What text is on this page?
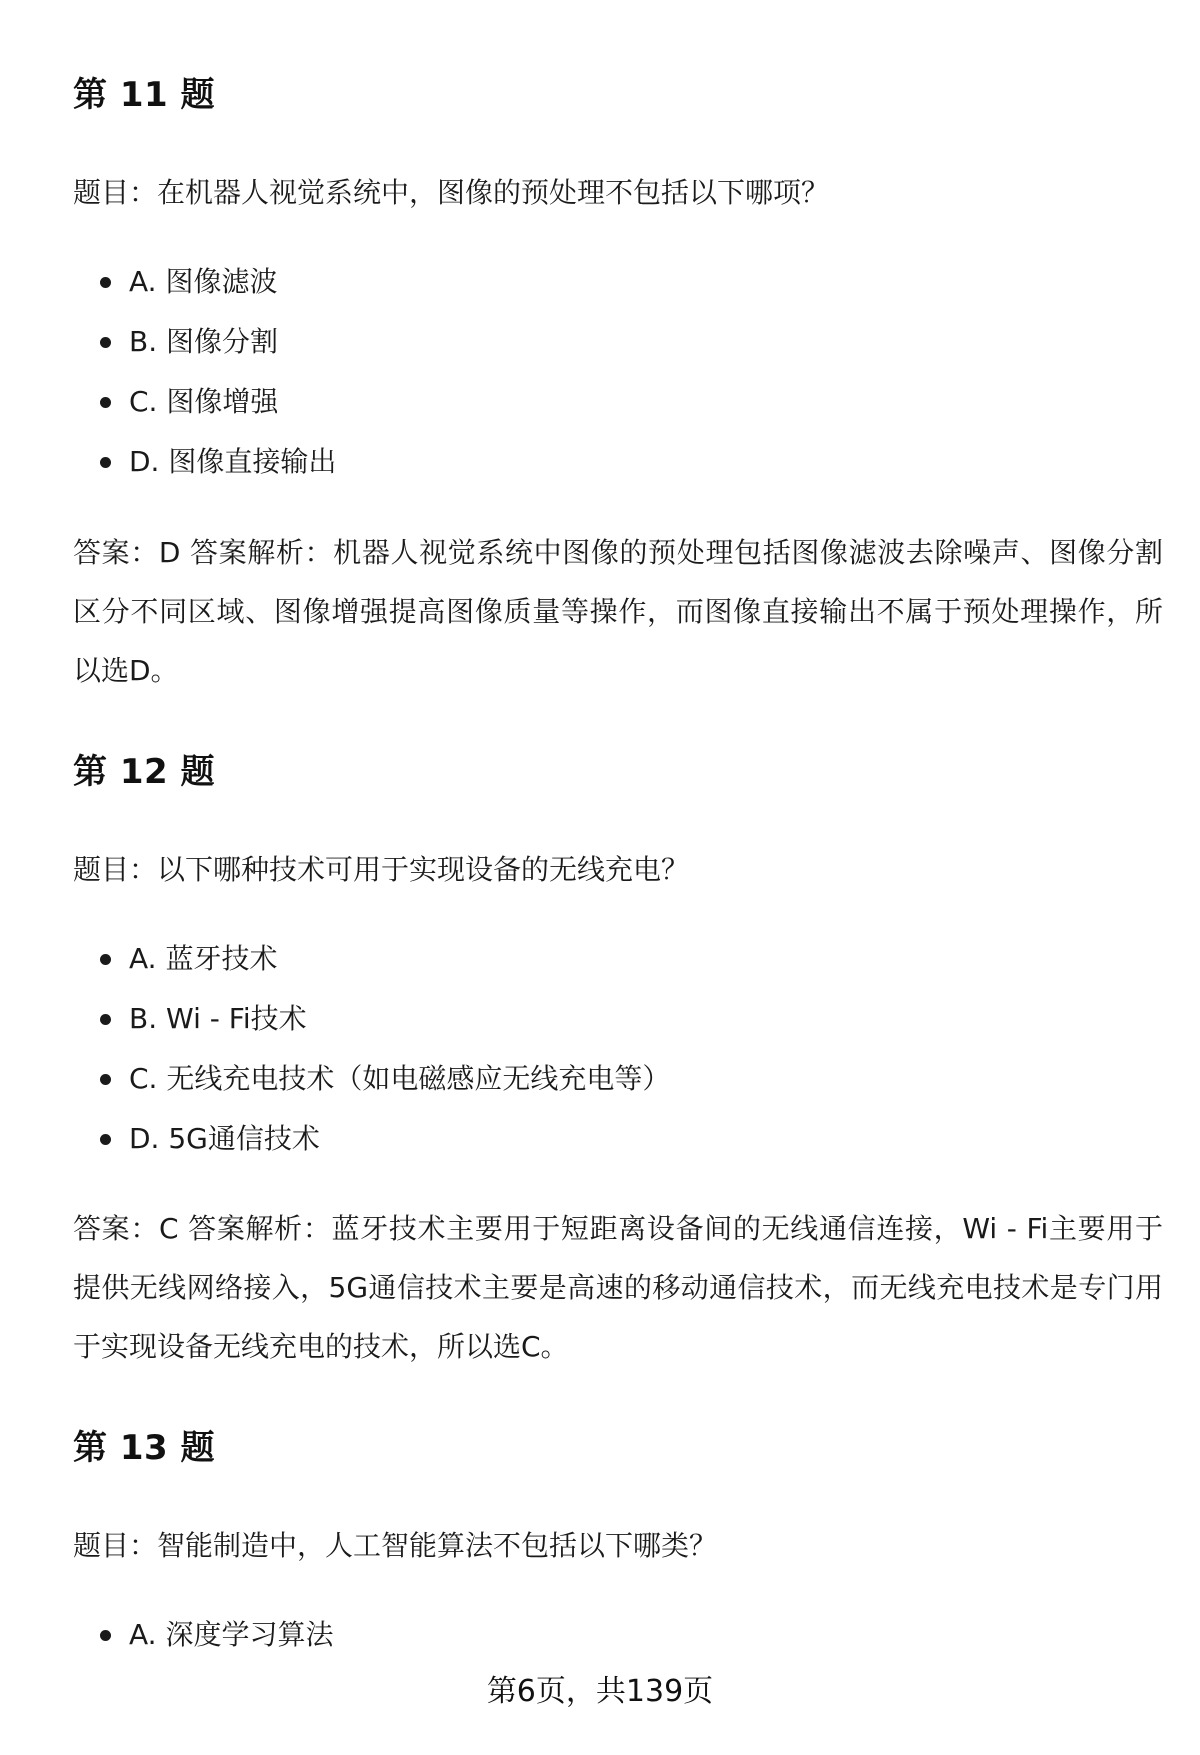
第 11 题

题目：在机器人视觉系统中，图像的预处理不包括以下哪项？

A. 图像滤波
B. 图像分割
C. 图像增强
D. 图像直接输出

答案：D 答案解析：机器人视觉系统中图像的预处理包括图像滤波去除噪声、图像分割区分不同区域、图像增强提高图像质量等操作，而图像直接输出不属于预处理操作，所以选D。

第 12 题

题目：以下哪种技术可用于实现设备的无线充电？

A. 蓝牙技术
B. Wi - Fi技术
C. 无线充电技术（如电磁感应无线充电等）
D. 5G通信技术

答案：C 答案解析：蓝牙技术主要用于短距离设备间的无线通信连接，Wi - Fi主要用于提供无线网络接入，5G通信技术主要是高速的移动通信技术，而无线充电技术是专门用于实现设备无线充电的技术，所以选C。

第 13 题

题目：智能制造中，人工智能算法不包括以下哪类？

A. 深度学习算法
第6页，共139页
